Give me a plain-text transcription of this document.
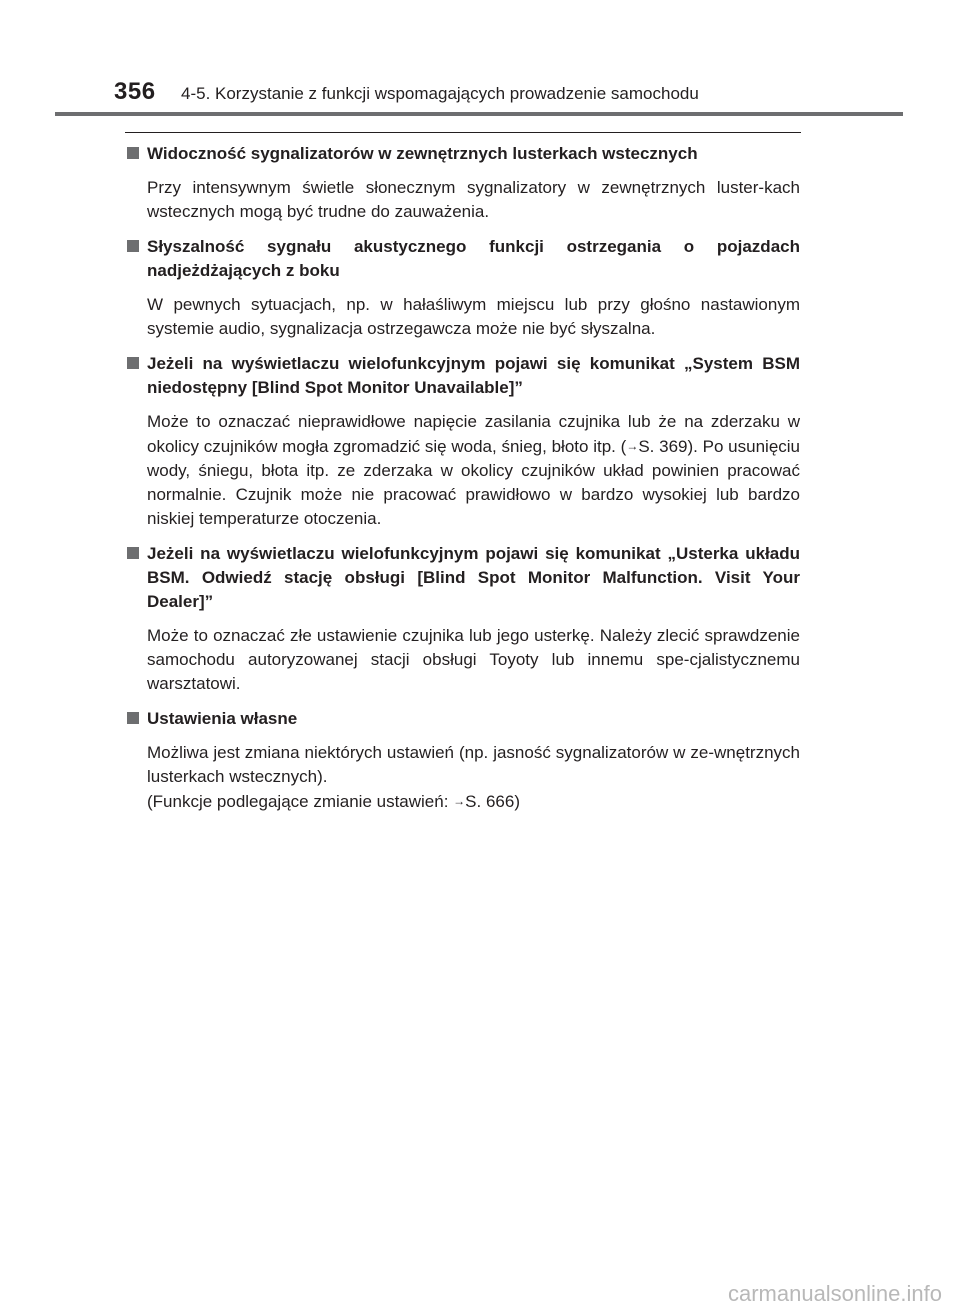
356 4-5. Korzystanie z funkcji wspomagających prowadzenie samochodu
Widoczność sygnalizatorów w zewnętrznych lusterkach wstecznych
Przy intensywnym świetle słonecznym sygnalizatory w zewnętrznych luster-kach wstecznych mogą być trudne do zauważenia.
Słyszalność sygnału akustycznego funkcji ostrzegania o pojazdach nadjeżdżających z boku
W pewnych sytuacjach, np. w hałaśliwym miejscu lub przy głośno nastawionym systemie audio, sygnalizacja ostrzegawcza może nie być słyszalna.
Jeżeli na wyświetlaczu wielofunkcyjnym pojawi się komunikat „System BSM niedostępny [Blind Spot Monitor Unavailable]”
Może to oznaczać nieprawidłowe napięcie zasilania czujnika lub że na zderzaku w okolicy czujników mogła zgromadzić się woda, śnieg, błoto itp. (→S. 369). Po usunięciu wody, śniegu, błota itp. ze zderzaka w okolicy czujników układ powinien pracować normalnie. Czujnik może nie pracować prawidłowo w bardzo wysokiej lub bardzo niskiej temperaturze otoczenia.
Jeżeli na wyświetlaczu wielofunkcyjnym pojawi się komunikat „Usterka układu BSM. Odwiedź stację obsługi [Blind Spot Monitor Malfunction. Visit Your Dealer]”
Może to oznaczać złe ustawienie czujnika lub jego usterkę. Należy zlecić sprawdzenie samochodu autoryzowanej stacji obsługi Toyoty lub innemu spe-cjalistycznemu warsztatowi.
Ustawienia własne
Możliwa jest zmiana niektórych ustawień (np. jasność sygnalizatorów w ze-wnętrznych lusterkach wstecznych).
(Funkcje podlegające zmianie ustawień: →S. 666)
carmanualsonline.info
